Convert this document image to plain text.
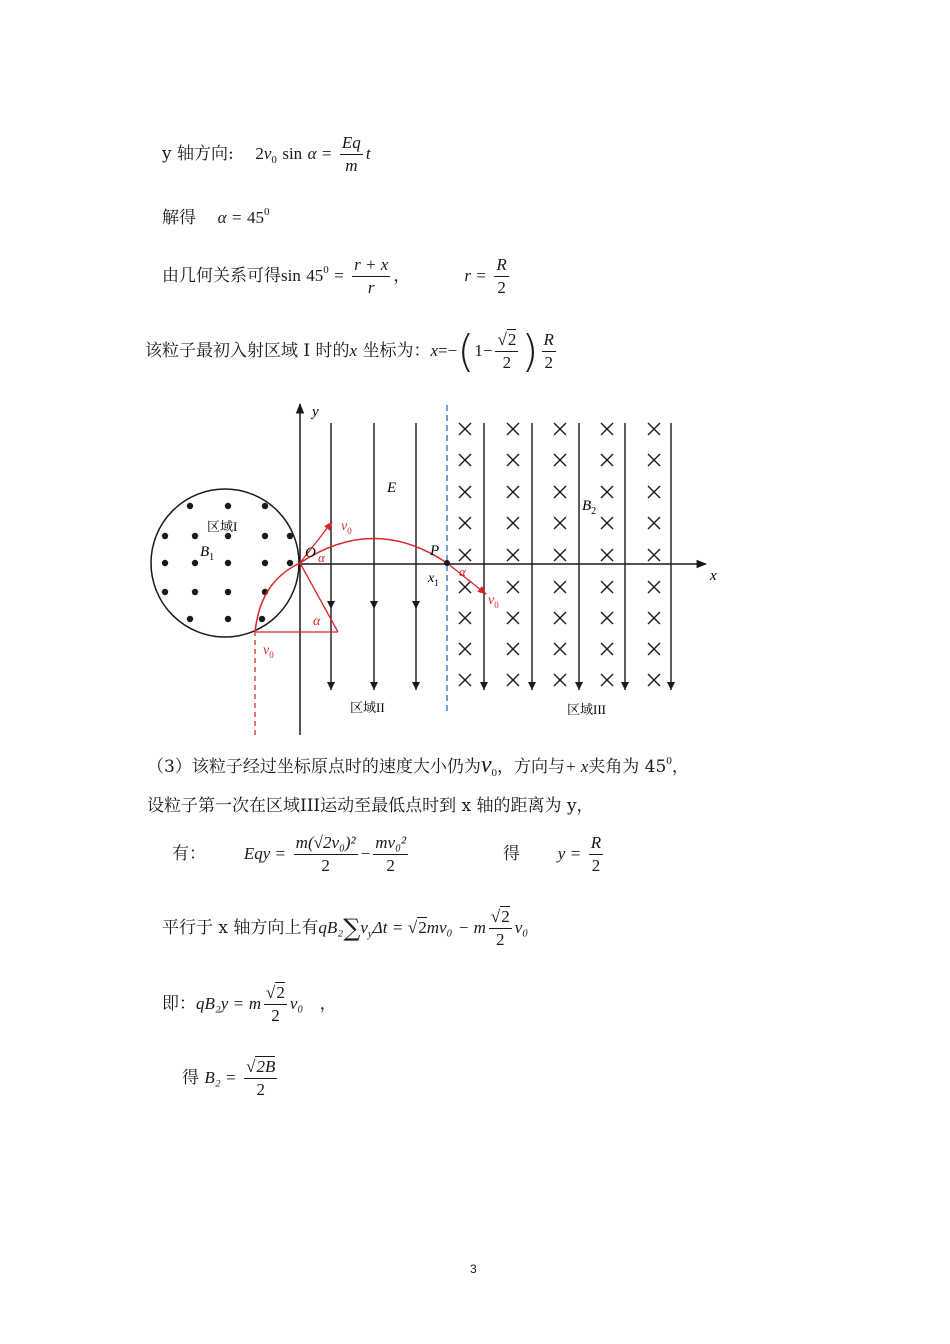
y 轴方向: $2v_0$ $\sin \alpha = \frac{Eq}{m}$ t
解得 $\alpha = 45^0$
由几何关系可得$\sin 45^0 = \frac{r + x}{r}$ ，	$r = \frac{R}{2}$
该粒子最初入射区域 I 时的x 坐标为：$x=-(1- \frac{√2}{2}$ ) $\frac{R}{2}$
y
x
区域I
$B_1$
E
$B_2$
区域II	区域III
$v_0$
α
O
α
$v_0$
P
$x_1$
α
$v_0$
（3）该粒子经过坐标原点时的速度大小仍为$v_0$，方向与+ x夹角为 $45^0$，
设粒子第一次在区域III运动至最低点时到 x 轴的距离为 y，
有： Eqy = $\frac{\text{m(√2v₀)²}}{2} - \frac{\text{mv₀²}}{2}$	得 $y = \frac{R}{2}$
平行于 x 轴方向上有$qB_2\sum v_y\Delta t = √2mv_0 - m \frac{√2}{2} v_0$
即：qB₂y = m $\frac{√2}{2} v_0$ ，
得 $B_2 = \frac{√2B}{2}$
3
